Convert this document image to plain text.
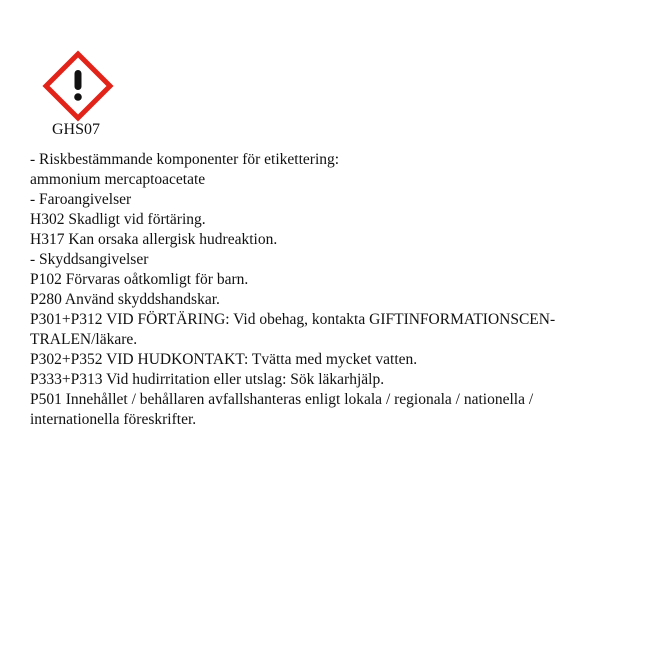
GHS07
- Riskbestämmande komponenter för etikettering:
ammonium mercaptoacetate
- Faroangivelser
H302 Skadligt vid förtäring.
H317 Kan orsaka allergisk hudreaktion.
- Skyddsangivelser
P102 Förvaras oåtkomligt för barn.
P280 Använd skyddshandskar.
P301+P312 VID FÖRTÄRING: Vid obehag, kontakta GIFTINFORMATIONSCEN-
TRALEN/läkare.
P302+P352 VID HUDKONTAKT: Tvätta med mycket vatten.
P333+P313 Vid hudirritation eller utslag: Sök läkarhjälp.
P501 Innehållet / behållaren avfallshanteras enligt lokala / regionala / nationella /
internationella föreskrifter.
